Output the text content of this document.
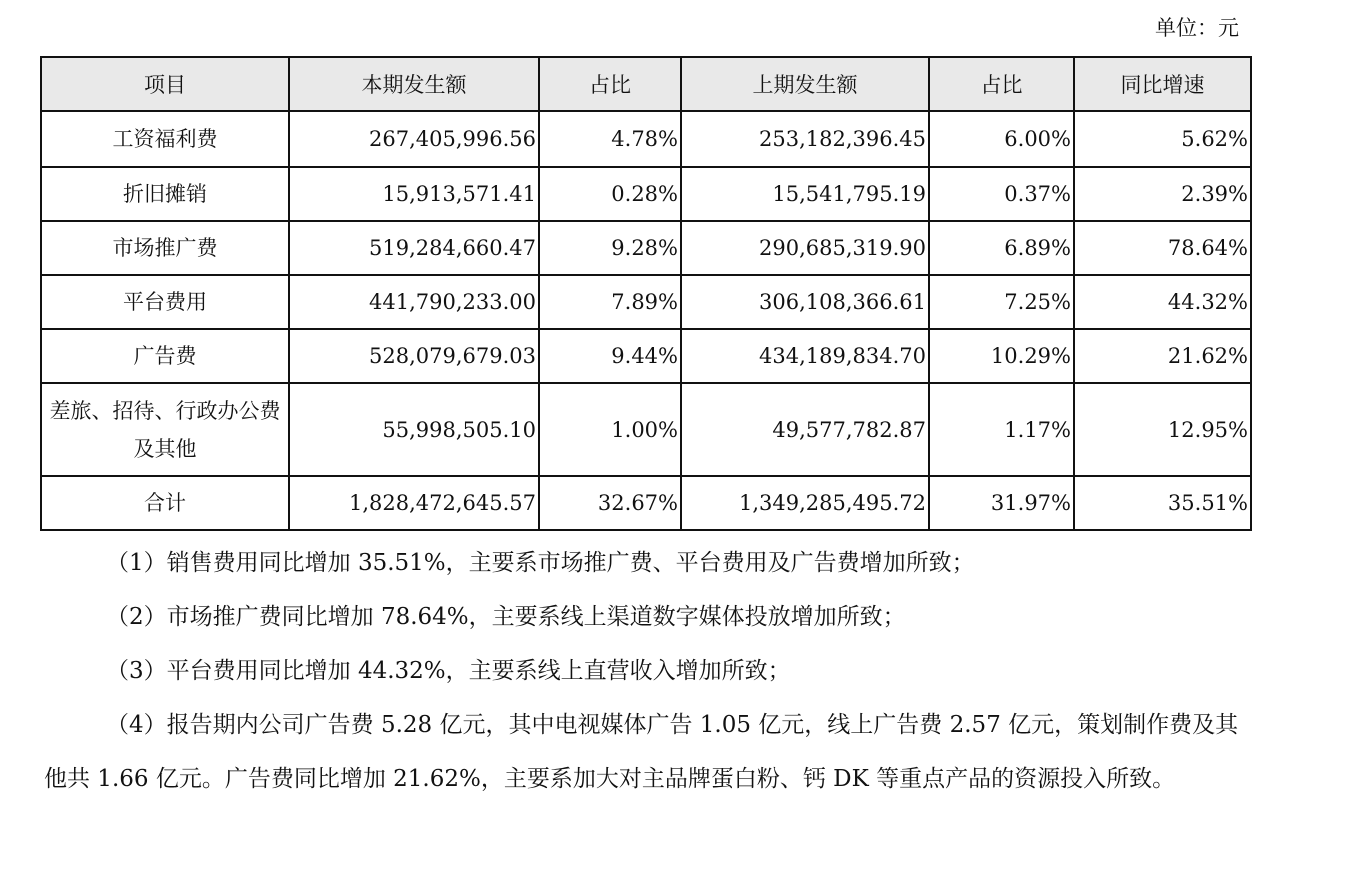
单位：元
项目	本期发生额	占比	上期发生额	占比	同比增速
工资福利费	267,405,996.56	4.78%	253,182,396.45	6.00%	5.62%
折旧摊销	15,913,571.41	0.28%	15,541,795.19	0.37%	2.39%
市场推广费	519,284,660.47	9.28%	290,685,319.90	6.89%	78.64%
平台费用	441,790,233.00	7.89%	306,108,366.61	7.25%	44.32%
广告费	528,079,679.03	9.44%	434,189,834.70	10.29%	21.62%
差旅、招待、行政办公费及其他	55,998,505.10	1.00%	49,577,782.87	1.17%	12.95%
合计	1,828,472,645.57	32.67%	1,349,285,495.72	31.97%	35.51%

（1）销售费用同比增加 35.51%，主要系市场推广费、平台费用及广告费增加所致；

（2）市场推广费同比增加 78.64%，主要系线上渠道数字媒体投放增加所致；

（3）平台费用同比增加 44.32%，主要系线上直营收入增加所致；

（4）报告期内公司广告费 5.28 亿元，其中电视媒体广告 1.05 亿元，线上广告费 2.57 亿元，策划制作费及其他共 1.66 亿元。广告费同比增加 21.62%，主要系加大对主品牌蛋白粉、钙 DK 等重点产品的资源投入所致。
